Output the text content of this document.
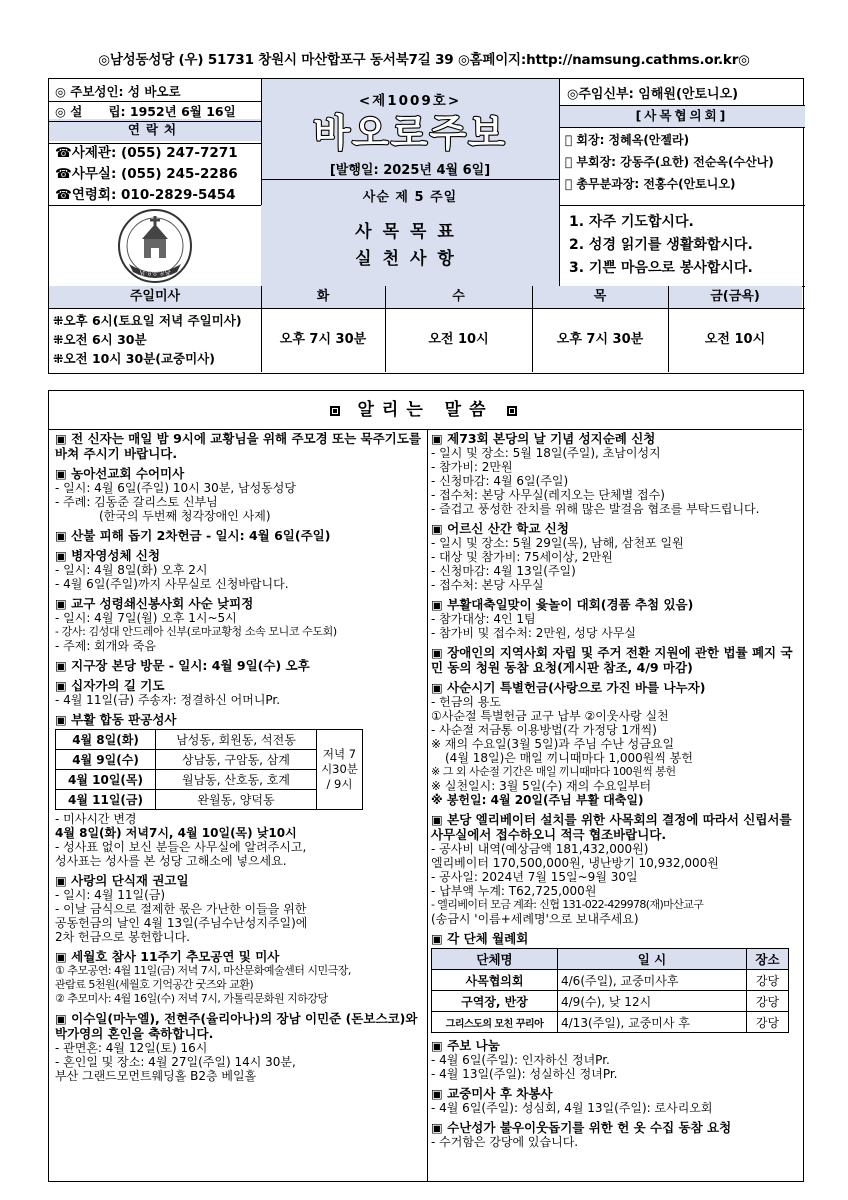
◎남성동성당 (우) 51731 창원시 마산합포구 동서북7길 39 ◎홈페이지:http://namsung.cathms.or.kr◎
◎ 주보성인: 성 바오로
◎ 설      립: 1952년 6월 16일
연락처
☎사제관: (055) 247-7271
☎사무실: (055) 245-2286
☎연령회: 010-2829-5454
<제1009호>
바오로주보
[발행일: 2025년 4월 6일]
사순 제 5 주일
◎주임신부: 임해원(안토니오)
[사목협의회]
󰀀 회장: 정혜옥(안젤라)
󰀀 부회장: 강동주(요한) 전순옥(수산나)
󰀀 총무분과장: 전홍수(안토니오)
남성동성당
사목목표
실천사항
1. 자주 기도합시다.
2. 성경 읽기를 생활화합시다.
3. 기쁜 마음으로 봉사합시다.
주일미사	화	수	목	금(금욕)
⁜오후 6시(토요일 저녁 주일미사)
⁜오전 6시 30분
⁜오전 10시 30분(교중미사)
오후 7시 30분	오전 10시	오후 7시 30분	오전 10시
알리는 말씀
▣ 전 신자는 매일 밤 9시에 교황님을 위해 주모경 또는 묵주기도를 바쳐 주시기 바랍니다.
▣ 농아선교회 수어미사
- 일시: 4월 6일(주일) 10시 30분, 남성동성당
- 주례: 김동준 갈리스토 신부님
(한국의 두번째 청각장애인 사제)
▣ 산불 피해 돕기 2차헌금 - 일시: 4월 6일(주일)
▣ 병자영성체 신청
- 일시: 4월 8일(화) 오후 2시
- 4월 6일(주일)까지 사무실로 신청바랍니다.
▣ 교구 성령쇄신봉사회 사순 낮피정
- 일시: 4월 7일(월) 오후 1시~5시
- 강사: 김성대 안드레아 신부(로마교황청 소속 모니코 수도회)
- 주제: 회개와 죽음
▣ 지구장 본당 방문 - 일시: 4월 9일(수) 오후
▣ 십자가의 길 기도
- 4월 11일(금) 주송자: 정결하신 어머니Pr.
▣ 부활 합동 판공성사
4월 8일(화)	남성동, 회원동, 석전동	저녁 7시30분 / 9시
4월 9일(수)	상남동, 구암동, 삼계	
4월 10일(목)	월남동, 산호동, 호계	
4월 11일(금)	완월동, 양덕동	
- 미사시간 변경
4월 8일(화) 저녁7시, 4월 10일(목) 낮10시
- 성사표 없이 보신 분들은 사무실에 알려주시고,
성사표는 성사를 본 성당 고해소에 넣으세요.
▣ 사랑의 단식재 권고일
- 일시: 4월 11일(금)
- 이날 금식으로 절제한 몫은 가난한 이들을 위한
공동헌금의 날인 4월 13일(주님수난성지주일)에
2차 헌금으로 봉헌합니다.
▣ 세월호 참사 11주기 추모공연 및 미사
① 추모공연: 4월 11일(금) 저녁 7시, 마산문화예술센터 시민극장,
관람료 5천원(세월호 기억공간 굿즈와 교환)
② 추모미사: 4월 16일(수) 저녁 7시, 가톨릭문화원 지하강당
▣ 이수일(마누엘), 전현주(율리아나)의 장남 이민준 (돈보스코)와 박가영의 혼인을 축하합니다.
- 관면혼: 4월 12일(토) 16시
- 혼인일 및 장소: 4월 27일(주일) 14시 30분,
부산 그랜드모먼트웨딩홀 B2층 베일홀
▣ 제73회 본당의 날 기념 성지순례 신청
- 일시 및 장소: 5월 18일(주일), 초남이성지
- 참가비: 2만원
- 신청마감: 4월 6일(주일)
- 접수처: 본당 사무실(레지오는 단체별 접수)
- 즐겁고 풍성한 잔치를 위해 많은 발걸음 협조를 부탁드립니다.
▣ 어르신 산간 학교 신청
- 일시 및 장소: 5월 29일(목), 남해, 삼천포 일원
- 대상 및 참가비: 75세이상, 2만원
- 신청마감: 4월 13일(주일)
- 접수처: 본당 사무실
▣ 부활대축일맞이 윷놀이 대회(경품 추첨 있음)
- 참가대상: 4인 1팀
- 참가비 및 접수처: 2만원, 성당 사무실
▣ 장애인의 지역사회 자립 및 주거 전환 지원에 관한 법률 폐지 국민 동의 청원 동참 요청(게시판 참조, 4/9 마감)
▣ 사순시기 특별헌금(사랑으로 가진 바를 나누자)
- 헌금의 용도
①사순절 특별헌금 교구 납부 ②이웃사랑 실천
- 사순절 저금통 이용방법(각 가정당 1개씩)
※ 재의 수요일(3월 5일)과 주님 수난 성금요일
(4월 18일)은 매일 끼니때마다 1,000원씩 봉헌
※ 그 외 사순절 기간은 매일 끼니때마다 100원씩 봉헌
※ 실천일시: 3월 5일(수) 재의 수요일부터
※ 봉헌일: 4월 20일(주님 부활 대축일)
▣ 본당 엘리베이터 설치를 위한 사목회의 결정에 따라서 신립서를 사무실에서 접수하오니 적극 협조바랍니다.
- 공사비 내역(예상금액 181,432,000원)
엘리베이터 170,500,000원, 냉난방기 10,932,000원
- 공사일: 2024년 7월 15일~9월 30일
- 납부액 누계: T62,725,000원
- 엘리베이터 모금 계좌: 신협 131-022-429978(재)마산교구
(송금시 '이름+세례명'으로 보내주세요)
▣ 각 단체 월례회
단체명	일 시	장소
사목협의회	4/6(주일), 교중미사후	강당
구역장, 반장	4/9(수), 낮 12시	강당
그리스도의 모친 꾸리아	4/13(주일), 교중미사 후	강당
▣ 주보 나눔
- 4월 6일(주일): 인자하신 정녀Pr.
- 4월 13일(주일): 성실하신 정녀Pr.
▣ 교중미사 후 차봉사
- 4월 6일(주일): 성심회, 4월 13일(주일): 로사리오회
▣ 수난성가 불우이웃돕기를 위한 헌 옷 수집 동참 요청
- 수거함은 강당에 있습니다.
